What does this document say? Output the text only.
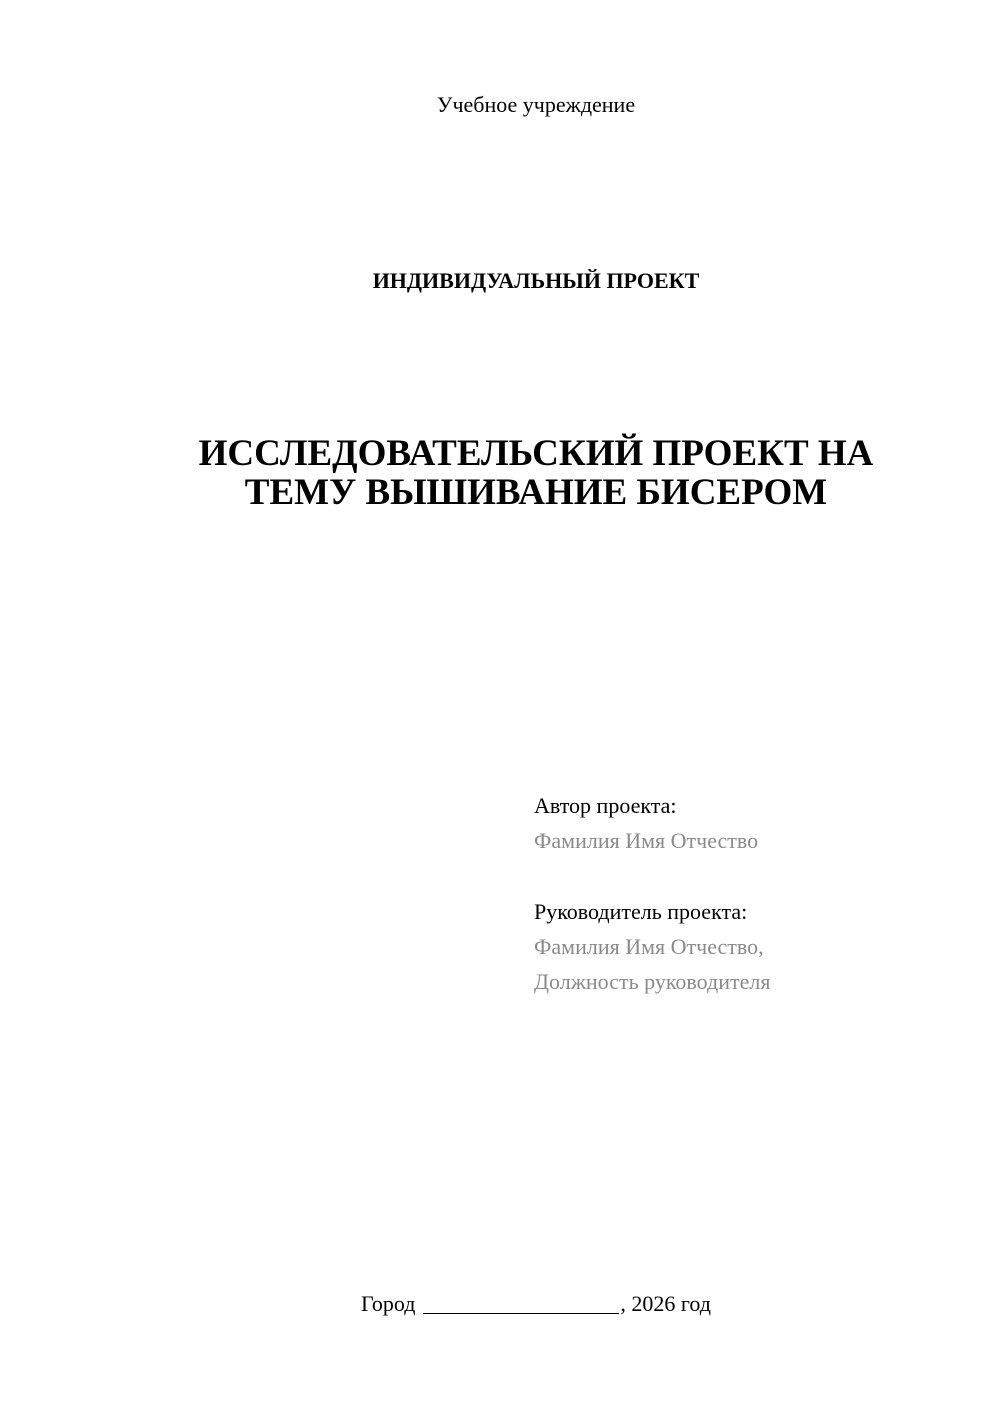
Учебное учреждение
ИНДИВИДУАЛЬНЫЙ ПРОЕКТ
ИССЛЕДОВАТЕЛЬСКИЙ ПРОЕКТ НА
ТЕМУ ВЫШИВАНИЕ БИСЕРОМ
Автор проекта:
Фамилия Имя Отчество
Руководитель проекта:
Фамилия Имя Отчество,
Должность руководителя
Город	, 2026 год
